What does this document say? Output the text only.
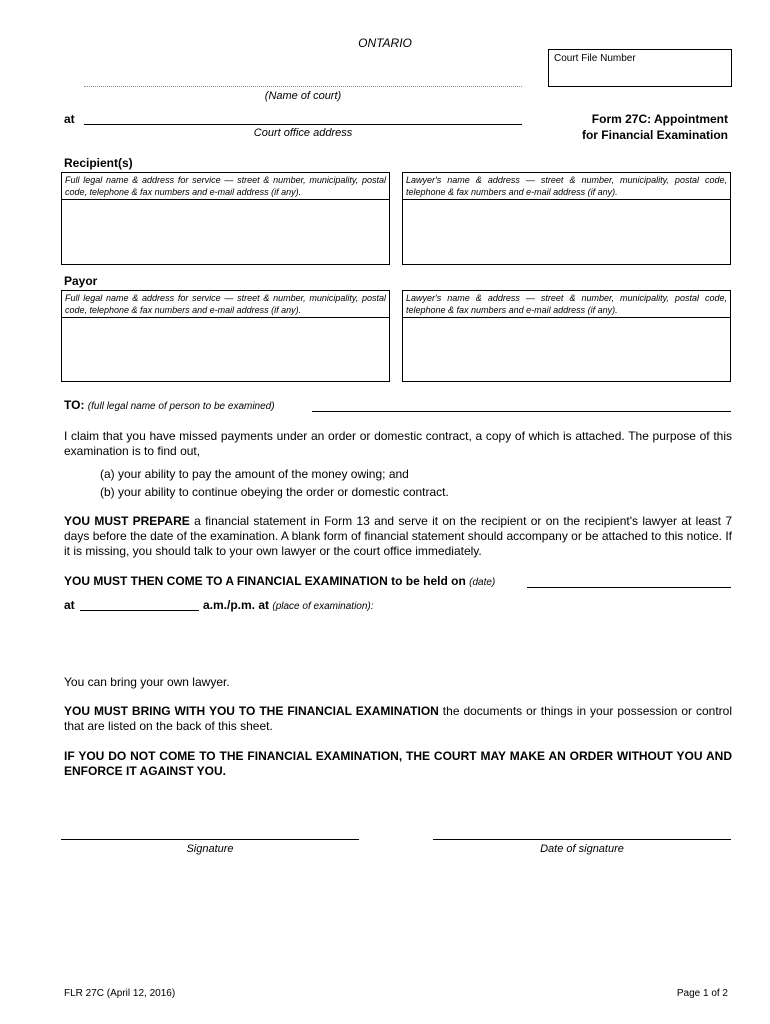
ONTARIO
Court File Number
(Name of court)
at
Court office address
Form 27C: Appointment
for Financial Examination
Recipient(s)
Full legal name & address for service — street & number, municipality, postal code, telephone & fax numbers and e-mail address (if any).
Lawyer's name & address — street & number, municipality, postal code, telephone & fax numbers and e-mail address (if any).
Payor
Full legal name & address for service — street & number, municipality, postal code, telephone & fax numbers and e-mail address (if any).
Lawyer's name & address — street & number, municipality, postal code, telephone & fax numbers and e-mail address (if any).
TO: (full legal name of person to be examined)
I claim that you have missed payments under an order or domestic contract, a copy of which is attached. The purpose of this examination is to find out,
(a) your ability to pay the amount of the money owing; and
(b) your ability to continue obeying the order or domestic contract.
YOU MUST PREPARE a financial statement in Form 13 and serve it on the recipient or on the recipient's lawyer at least 7 days before the date of the examination. A blank form of financial statement should accompany or be attached to this notice. If it is missing, you should talk to your own lawyer or the court office immediately.
YOU MUST THEN COME TO A FINANCIAL EXAMINATION to be held on (date)
at	a.m./p.m. at (place of examination):
You can bring your own lawyer.
YOU MUST BRING WITH YOU TO THE FINANCIAL EXAMINATION the documents or things in your possession or control that are listed on the back of this sheet.
IF YOU DO NOT COME TO THE FINANCIAL EXAMINATION, THE COURT MAY MAKE AN ORDER WITHOUT YOU AND ENFORCE IT AGAINST YOU.
Signature	Date of signature
FLR 27C (April 12, 2016)	Page 1 of 2
